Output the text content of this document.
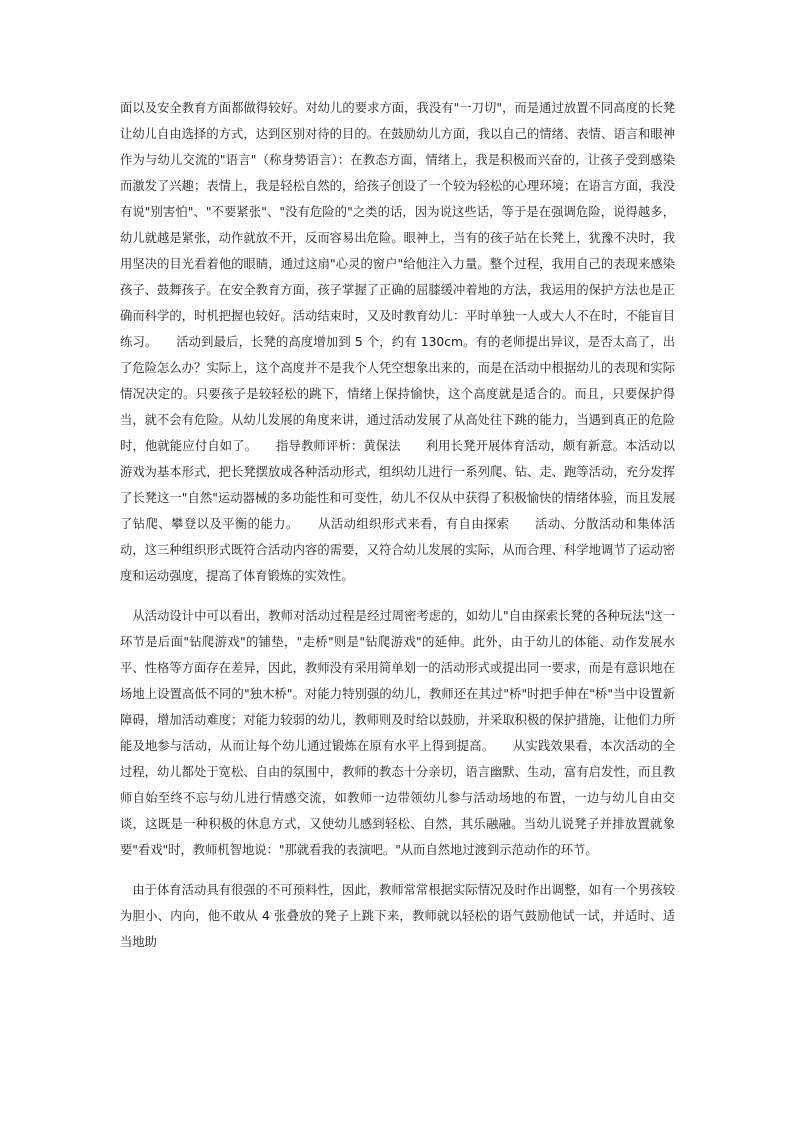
面以及安全教育方面都做得较好。对幼儿的要求方面，我没有"一刀切"，而是通过放置不同高度的长凳让幼儿自由选择的方式，达到区别对待的目的。在鼓励幼儿方面，我以自己的情绪、表情、语言和眼神作为与幼儿交流的"语言"（称身势语言）：在教态方面，情绪上，我是积极而兴奋的，让孩子受到感染而激发了兴趣；表情上，我是轻松自然的，给孩子创设了一个较为轻松的心理环境；在语言方面，我没有说"别害怕"、"不要紧张"、"没有危险的"之类的话，因为说这些话，等于是在强调危险，说得越多，幼儿就越是紧张，动作就放不开，反而容易出危险。眼神上，当有的孩子站在长凳上，犹豫不决时，我用坚决的目光看着他的眼睛，通过这扇"心灵的窗户"给他注入力量。整个过程，我用自己的表现来感染孩子、鼓舞孩子。在安全教育方面，孩子掌握了正确的屈膝缓冲着地的方法，我运用的保护方法也是正确而科学的，时机把握也较好。活动结束时，又及时教育幼儿：平时单独一人或大人不在时，不能盲目练习。　　活动到最后，长凳的高度增加到 5 个，约有 130cm。有的老师提出异议，是否太高了，出了危险怎么办？实际上，这个高度并不是我个人凭空想象出来的，而是在活动中根据幼儿的表现和实际情况决定的。只要孩子是较轻松的跳下，情绪上保持愉快，这个高度就是适合的。而且，只要保护得当，就不会有危险。从幼儿发展的角度来讲，通过活动发展了从高处往下跳的能力，当遇到真正的危险时，他就能应付自如了。　　指导教师评析：黄保法　　利用长凳开展体育活动，颇有新意。本活动以游戏为基本形式，把长凳摆放成各种活动形式，组织幼儿进行一系列爬、钻、走、跑等活动，充分发挥了长凳这一"自然"运动器械的多功能性和可变性，幼儿不仅从中获得了积极愉快的情绪体验，而且发展了钻爬、攀登以及平衡的能力。　　从活动组织形式来看，有自由探索　　活动、分散活动和集体活动，这三种组织形式既符合活动内容的需要，又符合幼儿发展的实际，从而合理、科学地调节了运动密度和运动强度，提高了体育锻炼的实效性。

　从活动设计中可以看出，教师对活动过程是经过周密考虑的，如幼儿"自由探索长凳的各种玩法"这一环节是后面"钻爬游戏"的铺垫，"走桥"则是"钻爬游戏"的延伸。此外，由于幼儿的体能、动作发展水平、性格等方面存在差异，因此，教师没有采用简单划一的活动形式或提出同一要求，而是有意识地在场地上设置高低不同的"独木桥"。对能力特别强的幼儿，教师还在其过"桥"时把手伸在"桥"当中设置新障碍，增加活动难度；对能力较弱的幼儿，教师则及时给以鼓励，并采取积极的保护措施，让他们力所能及地参与活动，从而让每个幼儿通过锻炼在原有水平上得到提高。　　从实践效果看，本次活动的全过程，幼儿都处于宽松、自由的氛围中，教师的教态十分亲切，语言幽默、生动，富有启发性，而且教师自始至终不忘与幼儿进行情感交流，如教师一边带领幼儿参与活动场地的布置，一边与幼儿自由交谈，这既是一种积极的休息方式，又使幼儿感到轻松、自然，其乐融融。当幼儿说凳子并排放置就象要"看戏"时，教师机智地说："那就看我的表演吧。"从而自然地过渡到示范动作的环节。

　由于体育活动具有很强的不可预料性，因此，教师常常根据实际情况及时作出调整，如有一个男孩较为胆小、内向，他不敢从 4 张叠放的凳子上跳下来，教师就以轻松的语气鼓励他试一试，并适时、适当地助
